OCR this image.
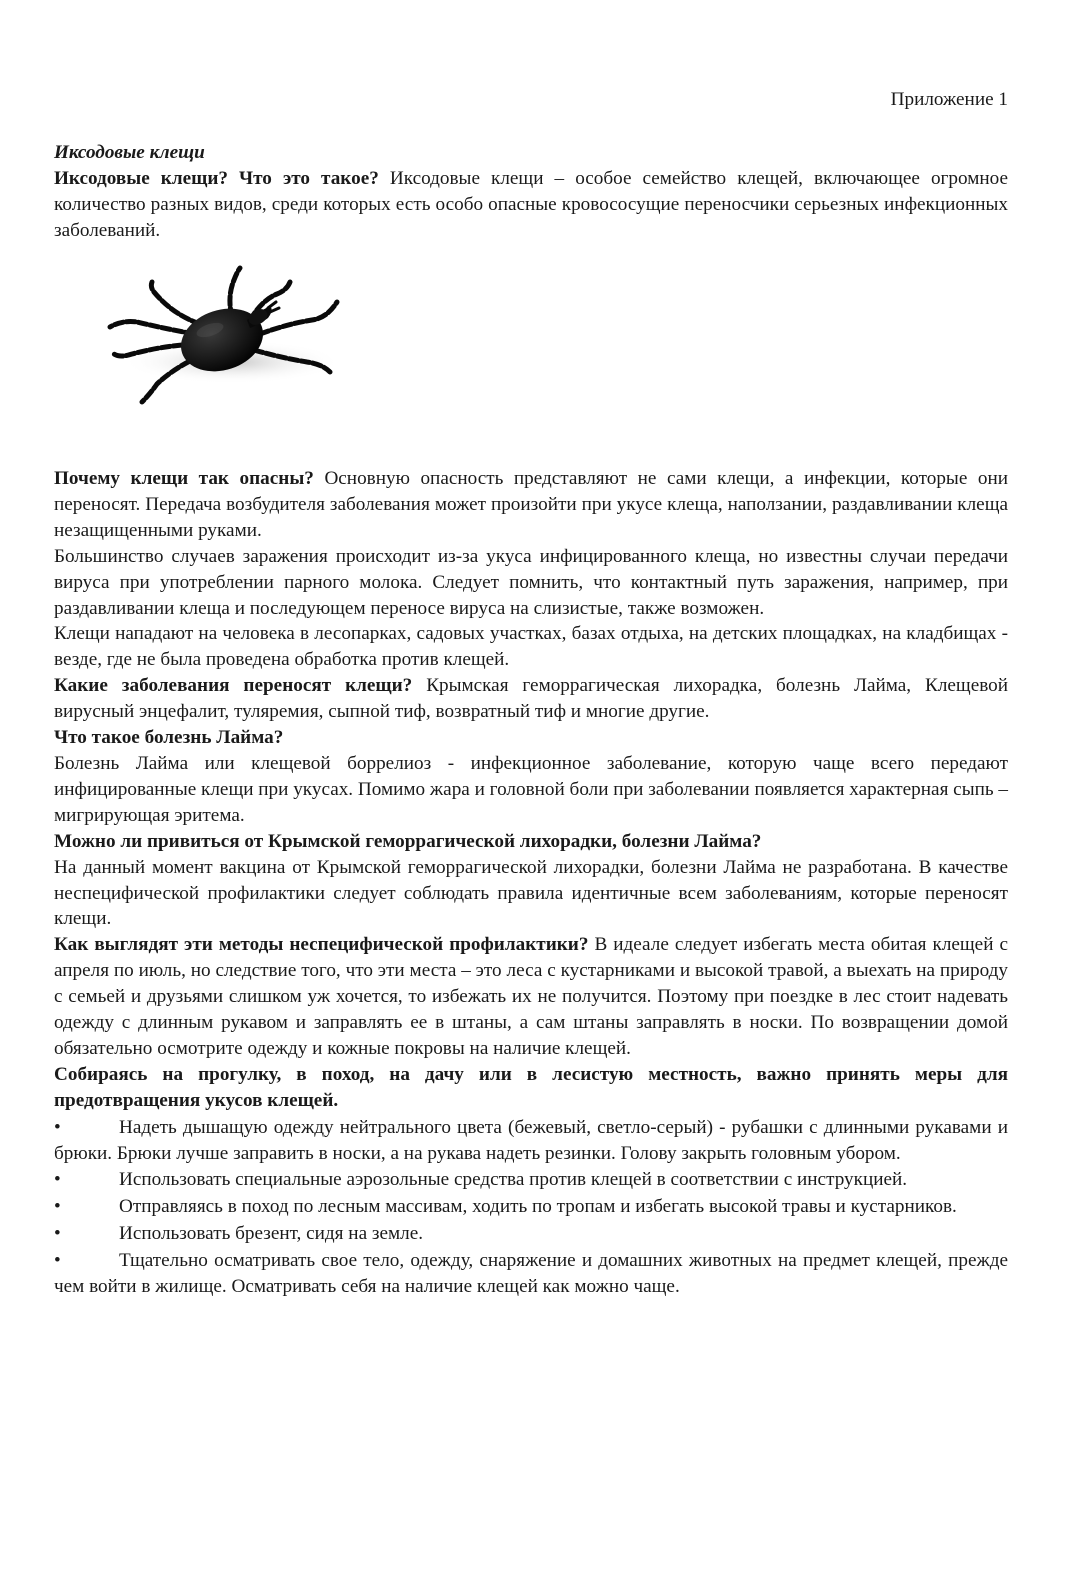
Приложение 1

Иксодовые клещи

Иксодовые клещи? Что это такое? Иксодовые клещи – особое семейство клещей, включающее огромное количество разных видов, среди которых есть особо опасные кровососущие переносчики серьезных инфекционных заболеваний.

Почему клещи так опасны? Основную опасность представляют не сами клещи, а инфекции, которые они переносят. Передача возбудителя заболевания может произойти при укусе клеща, наползании, раздавливании клеща незащищенными руками.

Большинство случаев заражения происходит из-за укуса инфицированного клеща, но известны случаи передачи вируса при употреблении парного молока. Следует помнить, что контактный путь заражения, например, при раздавливании клеща и последующем переносе вируса на слизистые, также возможен.

Клещи нападают на человека в лесопарках, садовых участках, базах отдыха, на детских площадках, на кладбищах - везде, где не была проведена обработка против клещей.

Какие заболевания переносят клещи? Крымская геморрагическая лихорадка, болезнь Лайма, Клещевой вирусный энцефалит, туляремия, сыпной тиф, возвратный тиф и многие другие.

Что такое болезнь Лайма?

Болезнь Лайма или клещевой боррелиоз - инфекционное заболевание, которую чаще всего передают инфицированные клещи при укусах. Помимо жара и головной боли при заболевании появляется характерная сыпь – мигрирующая эритема.

Можно ли привиться от Крымской геморрагической лихорадки, болезни Лайма?

На данный момент вакцина от Крымской геморрагической лихорадки, болезни Лайма не разработана. В качестве неспецифической профилактики следует соблюдать правила идентичные всем заболеваниям, которые переносят клещи.

Как выглядят эти методы неспецифической профилактики? В идеале следует избегать места обитая клещей с апреля по июль, но следствие того, что эти места – это леса с кустарниками и высокой травой, а выехать на природу с семьей и друзьями слишком уж хочется, то избежать их не получится. Поэтому при поездке в лес стоит надевать одежду с длинным рукавом и заправлять ее в штаны, а сам штаны заправлять в носки. По возвращении домой обязательно осмотрите одежду и кожные покровы на наличие клещей.

Собираясь на прогулку, в поход, на дачу или в лесистую местность, важно принять меры для предотвращения укусов клещей.

•	Надеть дышащую одежду нейтрального цвета (бежевый, светло-серый) - рубашки с длинными рукавами и брюки. Брюки лучше заправить в носки, а на рукава надеть резинки. Голову закрыть головным убором.
•	Использовать специальные аэрозольные средства против клещей в соответствии с инструкцией.
•	Отправляясь в поход по лесным массивам, ходить по тропам и избегать высокой травы и кустарников.
•	Использовать брезент, сидя на земле.
•	Тщательно осматривать свое тело, одежду, снаряжение и домашних животных на предмет клещей, прежде чем войти в жилище. Осматривать себя на наличие клещей как можно чаще.
